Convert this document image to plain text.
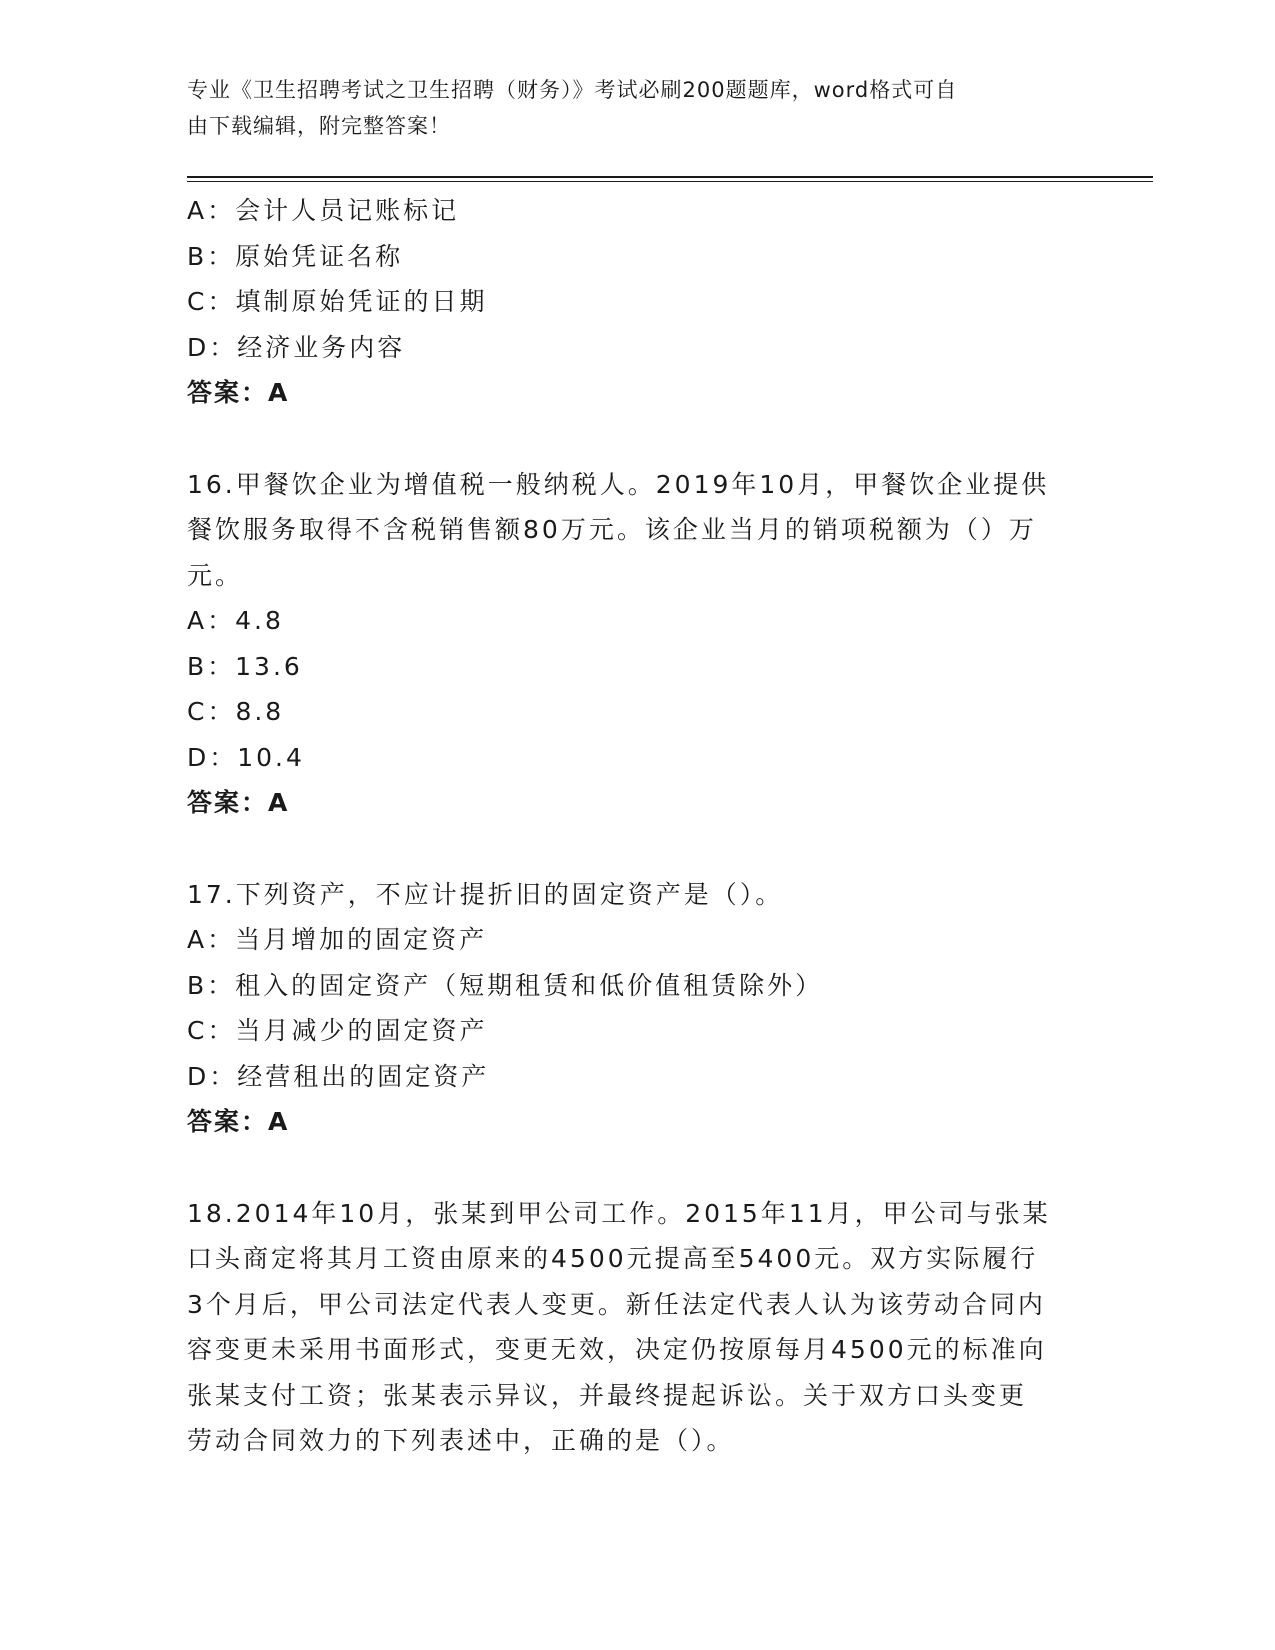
专业《卫生招聘考试之卫生招聘（财务）》考试必刷200题题库，word格式可自
由下载编辑，附完整答案！
A：会计人员记账标记
B：原始凭证名称
C：填制原始凭证的日期
D：经济业务内容
答案：A
16.甲餐饮企业为增值税一般纳税人。2019年10月，甲餐饮企业提供
餐饮服务取得不含税销售额80万元。该企业当月的销项税额为（）万
元。
A：4.8
B：13.6
C：8.8
D：10.4
答案：A
17.下列资产，不应计提折旧的固定资产是（）。
A：当月增加的固定资产
B：租入的固定资产（短期租赁和低价值租赁除外）
C：当月减少的固定资产
D：经营租出的固定资产
答案：A
18.2014年10月，张某到甲公司工作。2015年11月，甲公司与张某
口头商定将其月工资由原来的4500元提高至5400元。双方实际履行
3个月后，甲公司法定代表人变更。新任法定代表人认为该劳动合同内
容变更未采用书面形式，变更无效，决定仍按原每月4500元的标准向
张某支付工资；张某表示异议，并最终提起诉讼。关于双方口头变更
劳动合同效力的下列表述中，正确的是（）。
